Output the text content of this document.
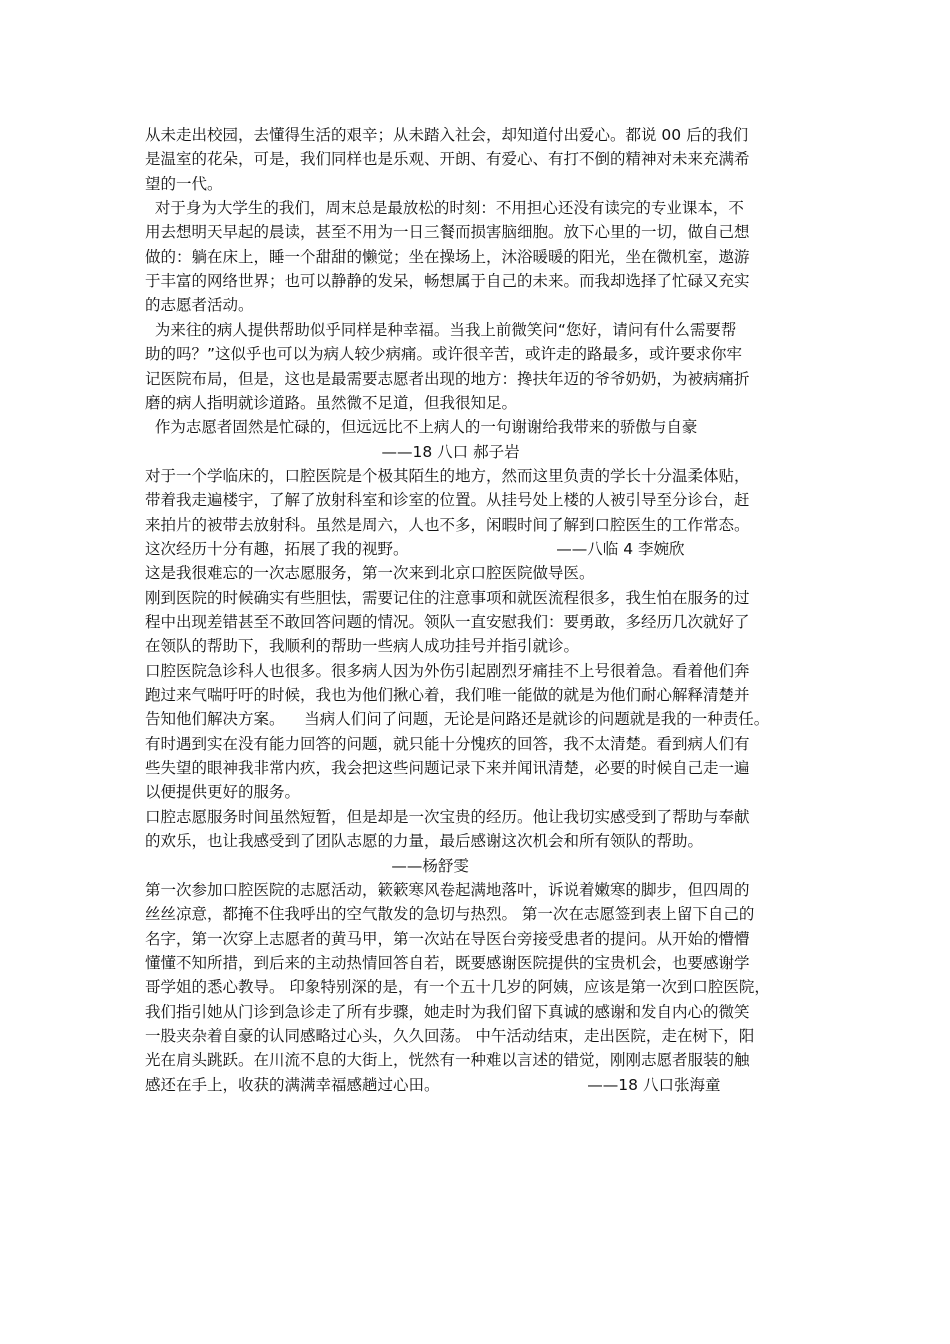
从未走出校园，去懂得生活的艰辛；从未踏入社会，却知道付出爱心。都说 00 后的我们
是温室的花朵，可是，我们同样也是乐观、开朗、有爱心、有打不倒的精神对未来充满希
望的一代。
对于身为大学生的我们，周末总是最放松的时刻：不用担心还没有读完的专业课本，不
用去想明天早起的晨读，甚至不用为一日三餐而损害脑细胞。放下心里的一切，做自己想
做的：躺在床上，睡一个甜甜的懒觉；坐在操场上，沐浴暖暖的阳光，坐在微机室，遨游
于丰富的网络世界；也可以静静的发呆，畅想属于自己的未来。而我却选择了忙碌又充实
的志愿者活动。
为来往的病人提供帮助似乎同样是种幸福。当我上前微笑问“您好，请问有什么需要帮
助的吗？”这似乎也可以为病人较少病痛。或许很辛苦，或许走的路最多，或许要求你牢
记医院布局，但是，这也是最需要志愿者出现的地方：搀扶年迈的爷爷奶奶，为被病痛折
磨的病人指明就诊道路。虽然微不足道，但我很知足。
作为志愿者固然是忙碌的，但远远比不上病人的一句谢谢给我带来的骄傲与自豪
——18 八口 郝子岩
对于一个学临床的，口腔医院是个极其陌生的地方，然而这里负责的学长十分温柔体贴，
带着我走遍楼宇，了解了放射科室和诊室的位置。从挂号处上楼的人被引导至分诊台，赶
来拍片的被带去放射科。虽然是周六，人也不多，闲暇时间了解到口腔医生的工作常态。
这次经历十分有趣，拓展了我的视野。                              ——八临 4 李婉欣
这是我很难忘的一次志愿服务，第一次来到北京口腔医院做导医。
刚到医院的时候确实有些胆怯，需要记住的注意事项和就医流程很多，我生怕在服务的过
程中出现差错甚至不敢回答问题的情况。领队一直安慰我们：要勇敢，多经历几次就好了
在领队的帮助下，我顺利的帮助一些病人成功挂号并指引就诊。
口腔医院急诊科人也很多。很多病人因为外伤引起剧烈牙痛挂不上号很着急。看着他们奔
跑过来气喘吁吁的时候，我也为他们揪心着，我们唯一能做的就是为他们耐心解释清楚并
告知他们解决方案。    当病人们问了问题，无论是问路还是就诊的问题就是我的一种责任。
有时遇到实在没有能力回答的问题，就只能十分愧疚的回答，我不太清楚。看到病人们有
些失望的眼神我非常内疚，我会把这些问题记录下来并闻讯清楚，必要的时候自己走一遍
以便提供更好的服务。
口腔志愿服务时间虽然短暂，但是却是一次宝贵的经历。他让我切实感受到了帮助与奉献
的欢乐，也让我感受到了团队志愿的力量，最后感谢这次机会和所有领队的帮助。
——杨舒雯
第一次参加口腔医院的志愿活动，簌簌寒风卷起满地落叶，诉说着嫩寒的脚步，但四周的
丝丝凉意，都掩不住我呼出的空气散发的急切与热烈。 第一次在志愿签到表上留下自己的
名字，第一次穿上志愿者的黄马甲，第一次站在导医台旁接受患者的提问。从开始的懵懵
懂懂不知所措，到后来的主动热情回答自若，既要感谢医院提供的宝贵机会，也要感谢学
哥学姐的悉心教导。 印象特别深的是，有一个五十几岁的阿姨，应该是第一次到口腔医院，
我们指引她从门诊到急诊走了所有步骤，她走时为我们留下真诚的感谢和发自内心的微笑
一股夹杂着自豪的认同感略过心头，久久回荡。 中午活动结束，走出医院，走在树下，阳
光在肩头跳跃。在川流不息的大街上，恍然有一种难以言述的错觉，刚刚志愿者服装的触
感还在手上，收获的满满幸福感趟过心田。                              ——18 八口张海童
